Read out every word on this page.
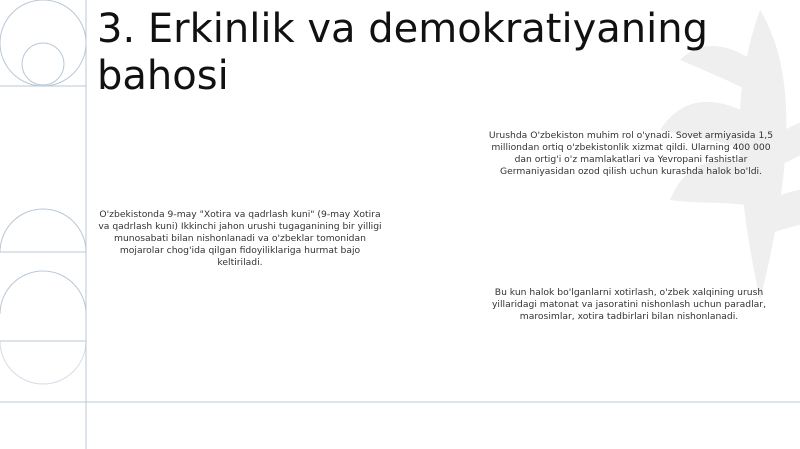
3. Erkinlik va demokratiyaning bahosi

O'zbekistonda 9-may "Xotira va qadrlash kuni" (9-may Xotira va qadrlash kuni) Ikkinchi jahon urushi tugaganining bir yilligi munosabati bilan nishonlanadi va o'zbeklar tomonidan mojarolar chog'ida qilgan fidoyiliklariga hurmat bajo keltiriladi.

Urushda O'zbekiston muhim rol o'ynadi. Sovet armiyasida 1,5 milliondan ortiq o'zbekistonlik xizmat qildi. Ularning 400 000 dan ortig'i o'z mamlakatlari va Yevropani fashistlar Germaniyasidan ozod qilish uchun kurashda halok bo'ldi.

Bu kun halok bo'lganlarni xotirlash, o'zbek xalqining urush yillaridagi matonat va jasoratini nishonlash uchun paradlar, marosimlar, xotira tadbirlari bilan nishonlanadi.
